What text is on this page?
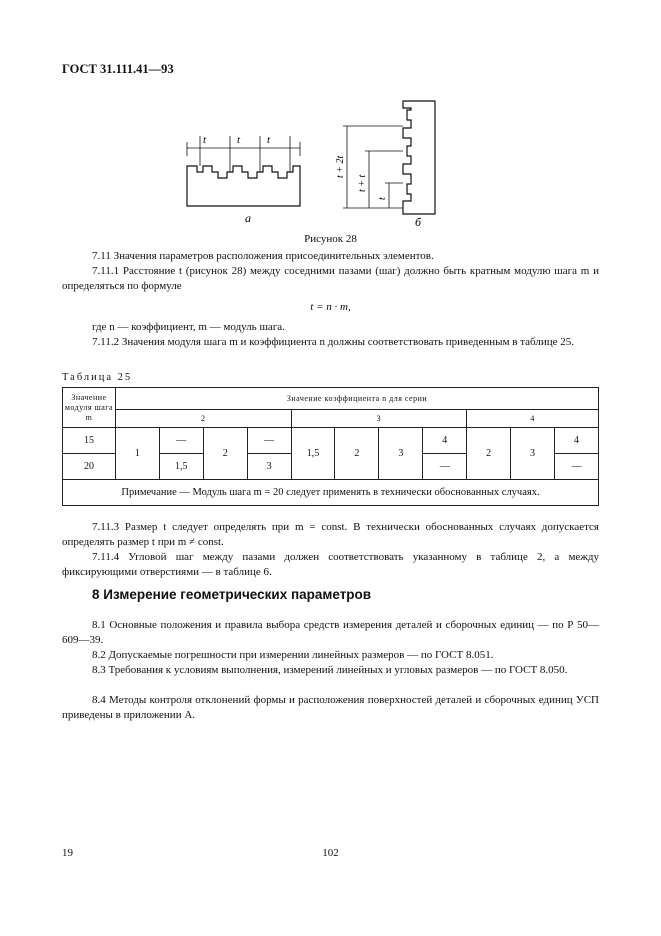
ГОСТ 31.111.41—93
t	t t
t + 2t
t + t
t
а	б
Рисунок 28
7.11 Значения параметров расположения присоединительных элементов.
7.11.1 Расстояние t (рисунок 28) между соседними пазами (шаг) должно быть кратным модулю шага m и определяться по формуле
t = n · m,
где n — коэффициент, m — модуль шага.
7.11.2 Значения модуля шага m и коэффициента n должны соответствовать приведенным в таблице 25.
Таблица 25
Значение модуля шага m	Значение коэффициента n для серии										
	2				3				4		
15	1	—	2	—	1,5	2	3	4	2	3	4
20		1,5		3				—			—
Примечание — Модуль шага m = 20 следует применять в технически обоснованных случаях.											
7.11.3 Размер t следует определять при m = const. В технически обоснованных случаях допускается определять размер t при m ≠ const.
7.11.4 Угловой шаг между пазами должен соответствовать указанному в таблице 2, а между фиксирующими отверстиями — в таблице 6.
8 Измерение геометрических параметров
8.1 Основные положения и правила выбора средств измерения деталей и сборочных единиц — по Р 50—609—39.
8.2 Допускаемые погрешности при измерении линейных размеров — по ГОСТ 8.051.
8.3 Требования к условиям выполнения, измерений линейных и угловых размеров — по ГОСТ 8.050.
8.4 Методы контроля отклонений формы и расположения поверхностей деталей и сборочных единиц УСП приведены в приложении А.
19	102
